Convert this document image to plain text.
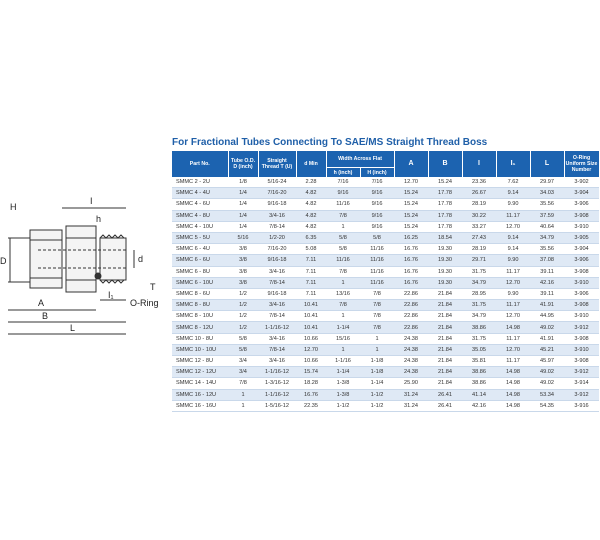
For Fractional Tubes Connecting To SAE/MS Straight Thread Boss
H
I
h
D	d
T
A
B
L
I₁
O-Ring
Part No.	Tube O.D. D (inch)	Straight Thread T (U)	d Min	Width Across Flat		A	B	I	I₁	L	O-Ring Uniform Size Number
				h (inch)	H (inch)						
SMMC 2 - 2U	1/8	5/16-24	2.28	7/16	7/16	12.70	15.24	23.36	7.62	29.97	3-902
SMMC 4 - 4U	1/4	7/16-20	4.82	9/16	9/16	15.24	17.78	26.67	9.14	34.03	3-904
SMMC 4 - 6U	1/4	9/16-18	4.82	11/16	9/16	15.24	17.78	28.19	9.90	35.56	3-906
SMMC 4 - 8U	1/4	3/4-16	4.82	7/8	9/16	15.24	17.78	30.22	11.17	37.59	3-908
SMMC 4 - 10U	1/4	7/8-14	4.82	1	9/16	15.24	17.78	33.27	12.70	40.64	3-910
SMMC 5 - 5U	5/16	1/2-20	6.35	5/8	5/8	16.25	18.54	27.43	9.14	34.79	3-905
SMMC 6 - 4U	3/8	7/16-20	5.08	5/8	11/16	16.76	19.30	28.19	9.14	35.56	3-904
SMMC 6 - 6U	3/8	9/16-18	7.11	11/16	11/16	16.76	19.30	29.71	9.90	37.08	3-906
SMMC 6 - 8U	3/8	3/4-16	7.11	7/8	11/16	16.76	19.30	31.75	11.17	39.11	3-908
SMMC 6 - 10U	3/8	7/8-14	7.11	1	11/16	16.76	19.30	34.79	12.70	42.16	3-910
SMMC 8 - 6U	1/2	9/16-18	7.11	13/16	7/8	22.86	21.84	28.95	9.90	39.11	3-906
SMMC 8 - 8U	1/2	3/4-16	10.41	7/8	7/8	22.86	21.84	31.75	11.17	41.91	3-908
SMMC 8 - 10U	1/2	7/8-14	10.41	1	7/8	22.86	21.84	34.79	12.70	44.95	3-910
SMMC 8 - 12U	1/2	1-1/16-12	10.41	1-1/4	7/8	22.86	21.84	38.86	14.98	49.02	3-912
SMMC 10 - 8U	5/8	3/4-16	10.66	15/16	1	24.38	21.84	31.75	11.17	41.91	3-908
SMMC 10 - 10U	5/8	7/8-14	12.70	1	1	24.38	21.84	35.05	12.70	45.21	3-910
SMMC 12 - 8U	3/4	3/4-16	10.66	1-1/16	1-1/8	24.38	21.84	35.81	11.17	45.97	3-908
SMMC 12 - 12U	3/4	1-1/16-12	15.74	1-1/4	1-1/8	24.38	21.84	38.86	14.98	49.02	3-912
SMMC 14 - 14U	7/8	1-3/16-12	18.28	1-3/8	1-1/4	25.90	21.84	38.86	14.98	49.02	3-914
SMMC 16 - 12U	1	1-1/16-12	16.76	1-3/8	1-1/2	31.24	26.41	41.14	14.98	53.34	3-912
SMMC 16 - 16U	1	1-5/16-12	22.35	1-1/2	1-1/2	31.24	26.41	42.16	14.98	54.35	3-916
